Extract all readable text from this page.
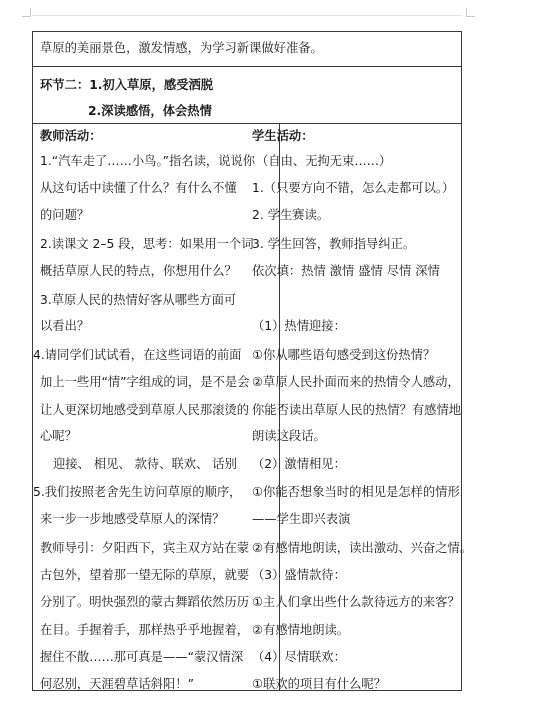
草原的美丽景色，激发情感，为学习新课做好准备。
环节二：1.初入草原，感受洒脱
2.深读感悟，体会热情
教师活动：
1.“汽车走了……小鸟。”指名读，说说你
从这句话中读懂了什么？有什么不懂
的问题？
2.读课文 2–5 段，思考：如果用一个词
概括草原人民的特点，你想用什么？
3.草原人民的热情好客从哪些方面可
以看出？
4.请同学们试试看，在这些词语的前面
加上一些用“情”字组成的词，是不是会
让人更深切地感受到草原人民那滚烫的
心呢？
迎接、 相见、 款待、联欢、 话别
5.我们按照老舍先生访问草原的顺序，
来一步一步地感受草原人的深情？
教师导引：夕阳西下，宾主双方站在蒙
古包外，望着那一望无际的草原，就要
分别了。明快强烈的蒙古舞蹈依然历历
在目。手握着手，那样热乎乎地握着，
握住不散……那可真是——“蒙汉情深
何忍别，天涯碧草话斜阳！”
学生活动：
（自由、无拘无束……）
1.（只要方向不错，怎么走都可以。）
2. 学生赛读。
3. 学生回答，教师指导纠正。
依次填：热情 激情 盛情 尽情 深情
（1）热情迎接：
①你从哪些语句感受到这份热情？
②草原人民扑面而来的热情令人感动，
你能否读出草原人民的热情？有感情地
朗读这段话。
（2）激情相见：
①你能否想象当时的相见是怎样的情形
——学生即兴表演
②有感情地朗读，读出激动、兴奋之情。
（3）盛情款待：
①主人们拿出些什么款待远方的来客？
②有感情地朗读。
（4）尽情联欢：
①联欢的项目有什么呢？
